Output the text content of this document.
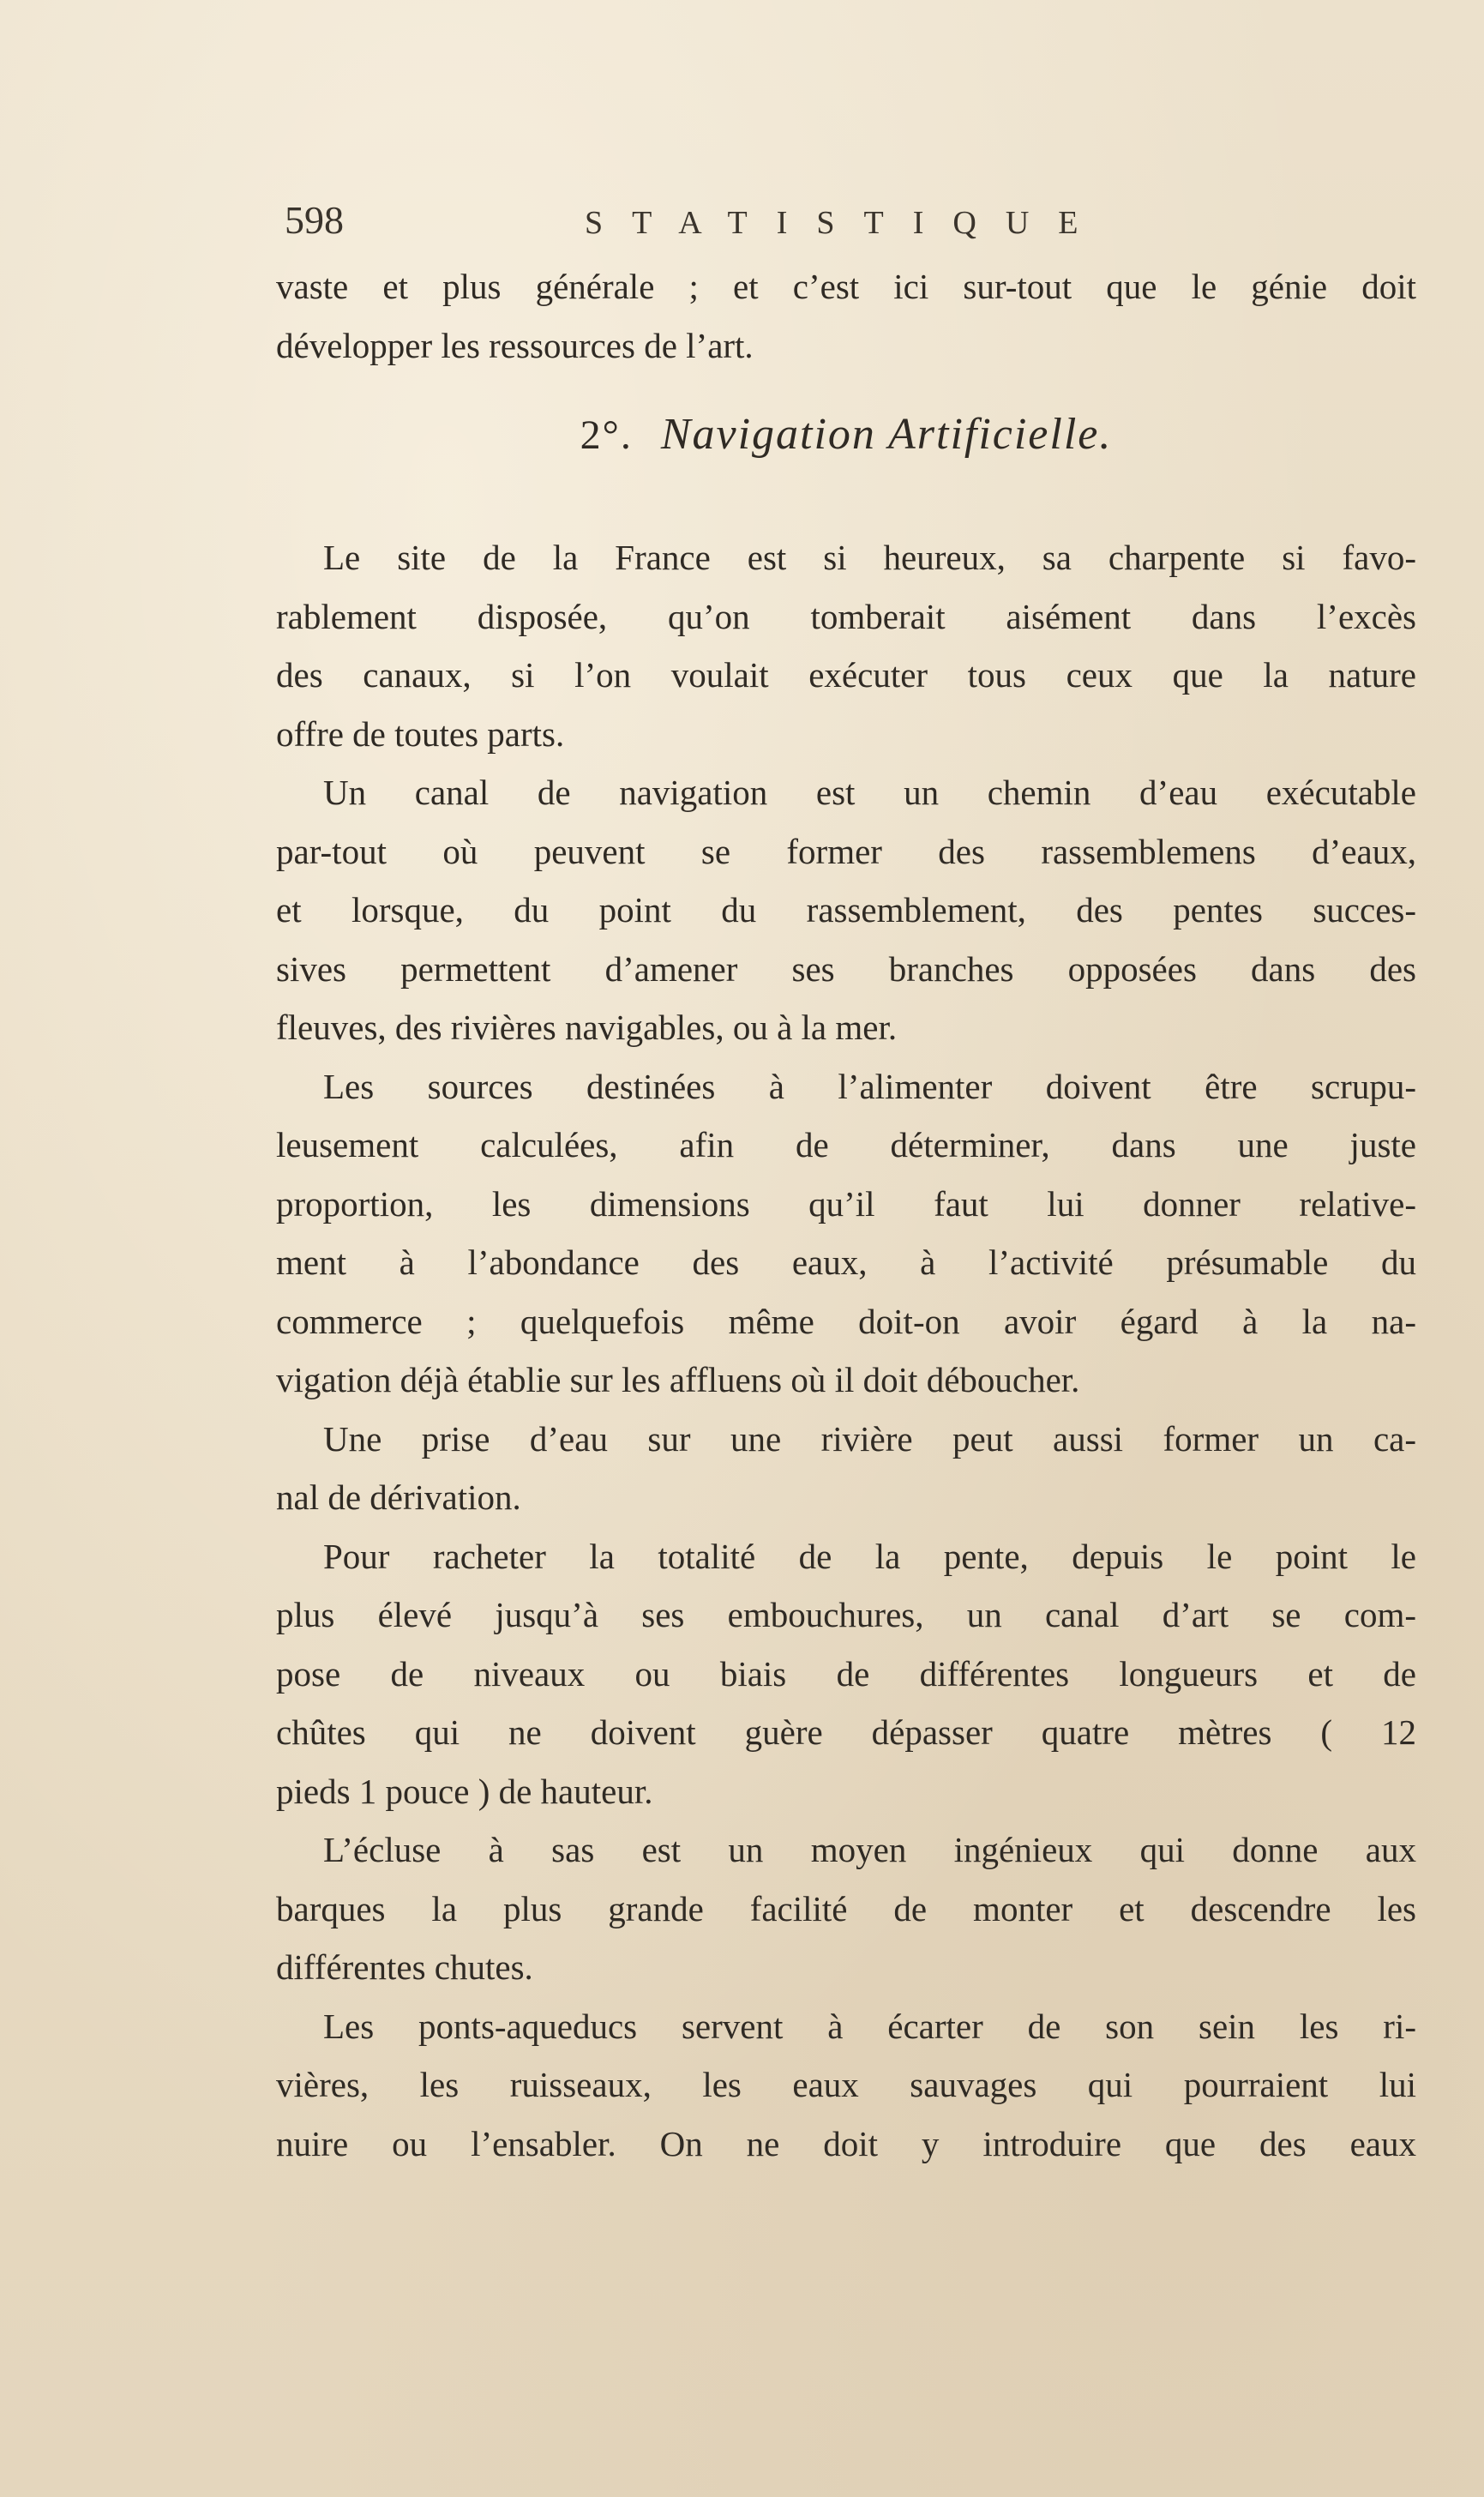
598	STATISTIQUE
vaste et plus générale ; et c’est ici sur-tout que le génie doit
développer les ressources de l’art.
2°. Navigation Artificielle.
Le site de la France est si heureux, sa charpente si favo-
rablement disposée, qu’on tomberait aisément dans l’excès
des canaux, si l’on voulait exécuter tous ceux que la nature
offre de toutes parts.
Un canal de navigation est un chemin d’eau exécutable
par-tout où peuvent se former des rassemblemens d’eaux,
et lorsque, du point du rassemblement, des pentes succes-
sives permettent d’amener ses branches opposées dans des
fleuves, des rivières navigables, ou à la mer.
Les sources destinées à l’alimenter doivent être scrupu-
leusement calculées, afin de déterminer, dans une juste
proportion, les dimensions qu’il faut lui donner relative-
ment à l’abondance des eaux, à l’activité présumable du
commerce ; quelquefois même doit-on avoir égard à la na-
vigation déjà établie sur les affluens où il doit déboucher.
Une prise d’eau sur une rivière peut aussi former un ca-
nal de dérivation.
Pour racheter la totalité de la pente, depuis le point le
plus élevé jusqu’à ses embouchures, un canal d’art se com-
pose de niveaux ou biais de différentes longueurs et de
chûtes qui ne doivent guère dépasser quatre mètres ( 12
pieds 1 pouce ) de hauteur.
L’écluse à sas est un moyen ingénieux qui donne aux
barques la plus grande facilité de monter et descendre les
différentes chutes.
Les ponts-aqueducs servent à écarter de son sein les ri-
vières, les ruisseaux, les eaux sauvages qui pourraient lui
nuire ou l’ensabler. On ne doit y introduire que des eaux
